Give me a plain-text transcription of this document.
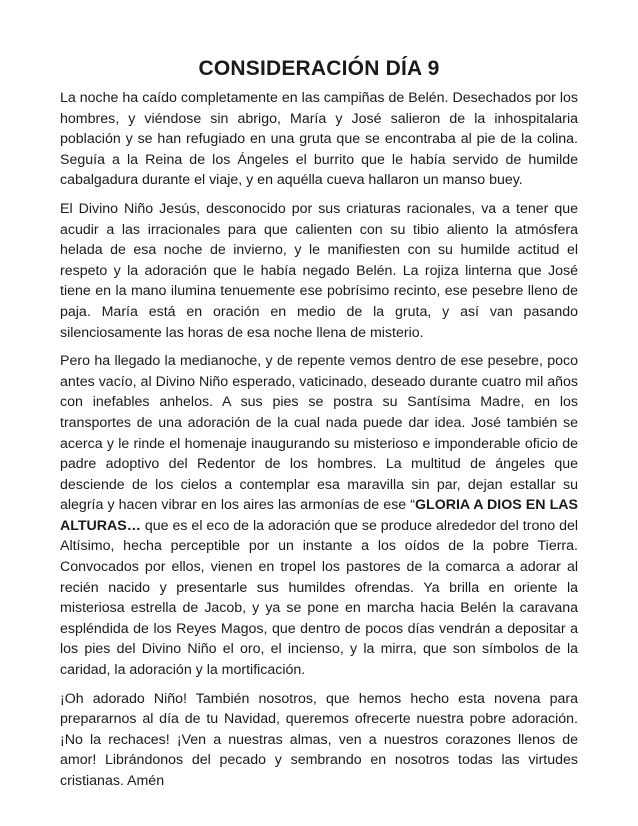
CONSIDERACIÓN DÍA 9

La noche ha caído completamente en las campiñas de Belén. Desechados por los hombres, y viéndose sin abrigo, María y José salieron de la inhospitalaria población y se han refugiado en una gruta que se encontraba al pie de la colina. Seguía a la Reina de los Ángeles el burrito que le había servido de humilde cabalgadura durante el viaje, y en aquélla cueva hallaron un manso buey.

El Divino Niño Jesús, desconocido por sus criaturas racionales, va a tener que acudir a las irracionales para que calienten con su tibio aliento la atmósfera helada de esa noche de invierno, y le manifiesten con su humilde actitud el respeto y la adoración que le había negado Belén. La rojiza linterna que José tiene en la mano ilumina tenuemente ese pobrísimo recinto, ese pesebre lleno de paja. María está en oración en medio de la gruta, y así van pasando silenciosamente las horas de esa noche llena de misterio.

Pero ha llegado la medianoche, y de repente vemos dentro de ese pesebre, poco antes vacío, al Divino Niño esperado, vaticinado, deseado durante cuatro mil años con inefables anhelos. A sus pies se postra su Santísima Madre, en los transportes de una adoración de la cual nada puede dar idea. José también se acerca y le rinde el homenaje inaugurando su misterioso e imponderable oficio de padre adoptivo del Redentor de los hombres. La multitud de ángeles que desciende de los cielos a contemplar esa maravilla sin par, dejan estallar su alegría y hacen vibrar en los aires las armonías de ese “GLORIA A DIOS EN LAS ALTURAS… que es el eco de la adoración que se produce alrededor del trono del Altísimo, hecha perceptible por un instante a los oídos de la pobre Tierra. Convocados por ellos, vienen en tropel los pastores de la comarca a adorar al recién nacido y presentarle sus humildes ofrendas. Ya brilla en oriente la misteriosa estrella de Jacob, y ya se pone en marcha hacia Belén la caravana espléndida de los Reyes Magos, que dentro de pocos días vendrán a depositar a los pies del Divino Niño el oro, el incienso, y la mirra, que son símbolos de la caridad, la adoración y la mortificación.

¡Oh adorado Niño! También nosotros, que hemos hecho esta novena para prepararnos al día de tu Navidad, queremos ofrecerte nuestra pobre adoración. ¡No la rechaces! ¡Ven a nuestras almas, ven a nuestros corazones llenos de amor! Librándonos del pecado y sembrando en nosotros todas las virtudes cristianas. Amén
